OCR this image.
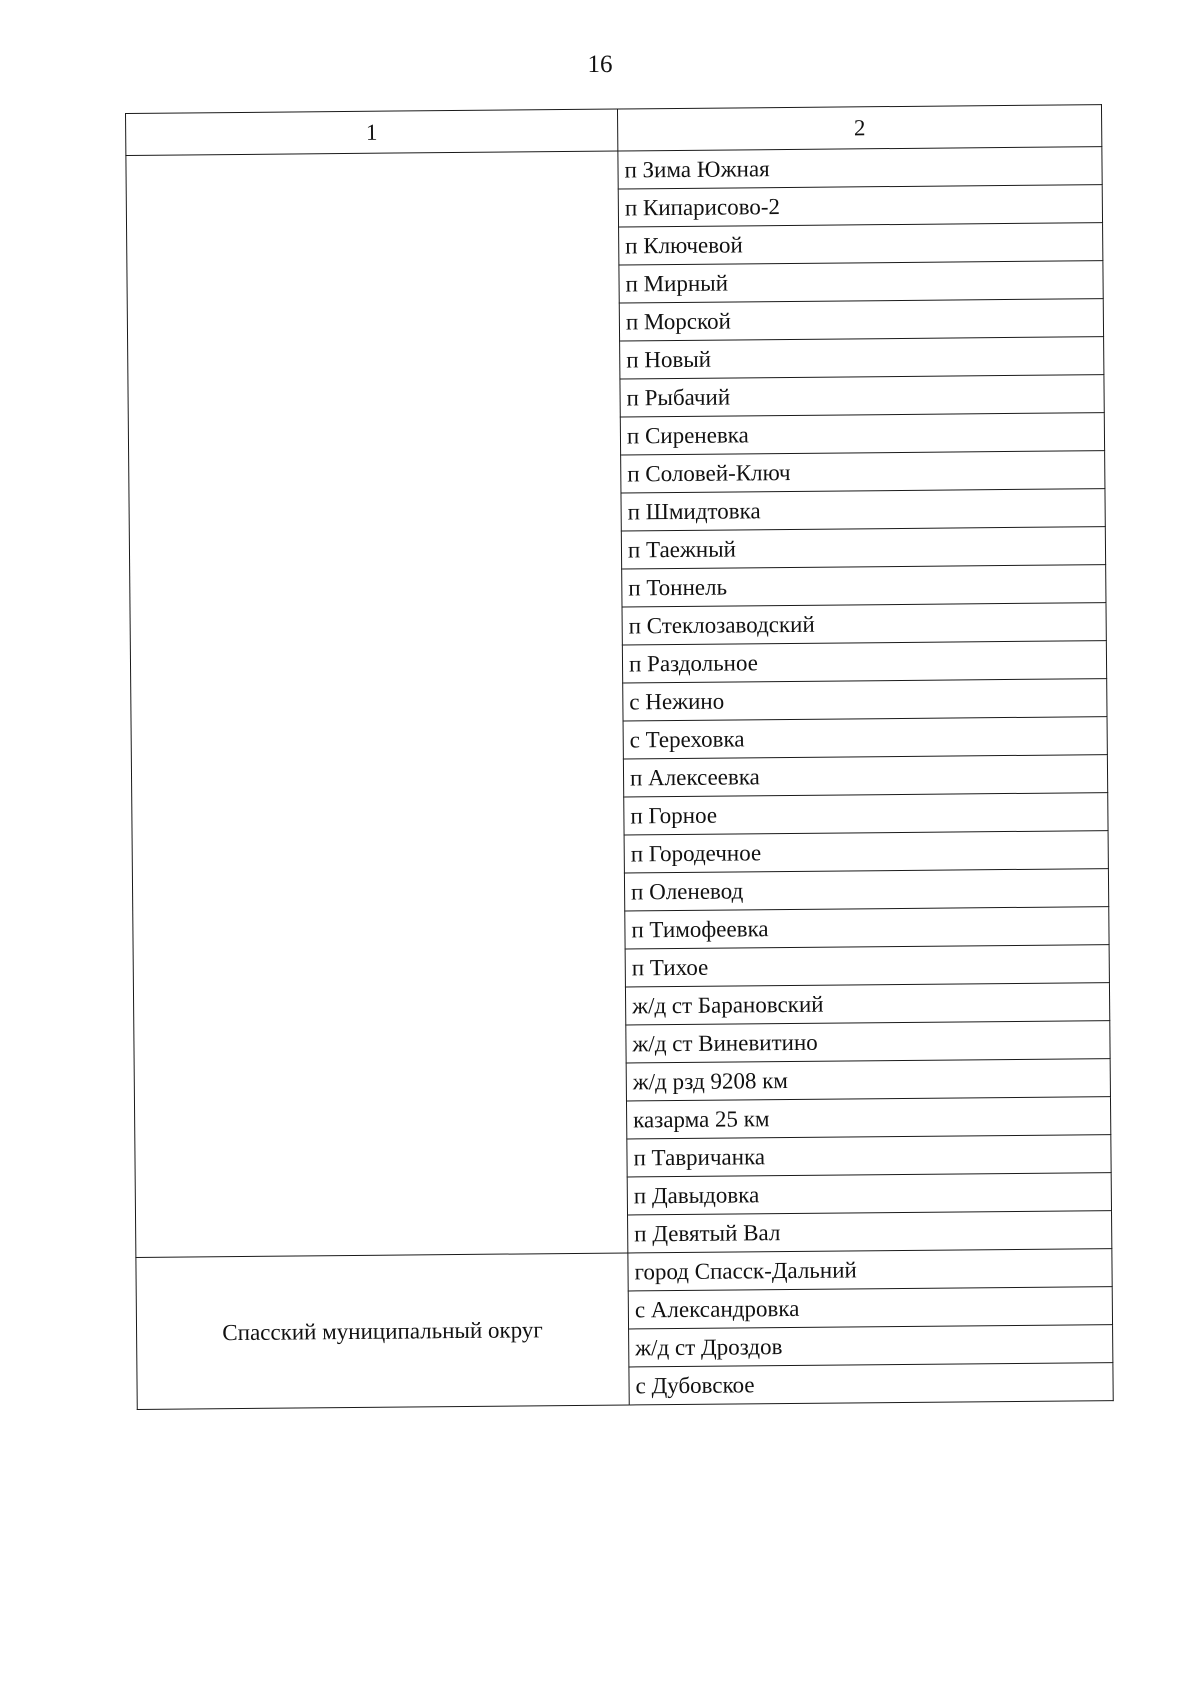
16
1	2
	п Зима Южная
	п Кипарисово-2
	п Ключевой
	п Мирный
	п Морской
	п Новый
	п Рыбачий
	п Сиреневка
	п Соловей-Ключ
	п Шмидтовка
	п Таежный
	п Тоннель
	п Стеклозаводский
	п Раздольное
	с Нежино
	с Тереховка
	п Алексеевка
	п Горное
	п Городечное
	п Оленевод
	п Тимофеевка
	п Тихое
	ж/д ст Барановский
	ж/д ст Виневитино
	ж/д рзд 9208 км
	казарма 25 км
	п Тавричанка
	п Давыдовка
	п Девятый Вал
Спасский муниципальный округ	город Спасск-Дальний
	с Александровка
	ж/д ст Дроздов
	с Дубовское
